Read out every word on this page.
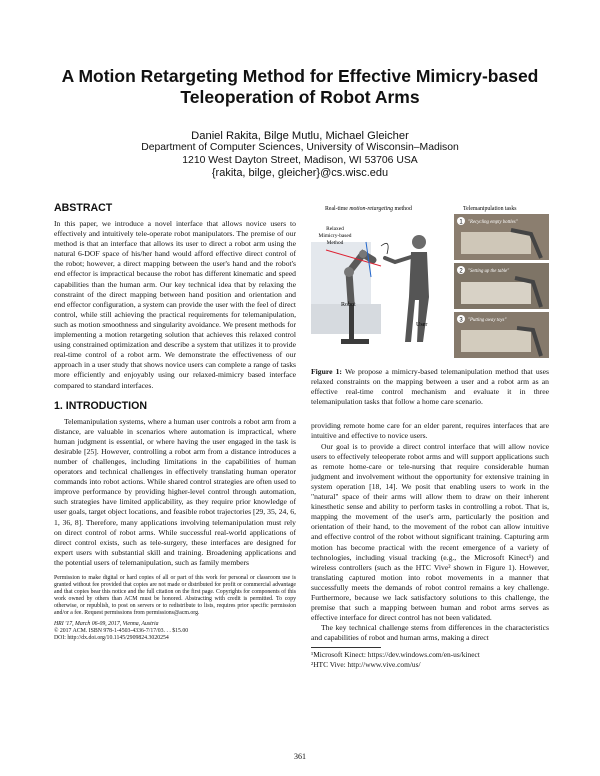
A Motion Retargeting Method for Effective Mimicry-based
Teleoperation of Robot Arms
Daniel Rakita, Bilge Mutlu, Michael Gleicher
Department of Computer Sciences, University of Wisconsin–Madison
1210 West Dayton Street, Madison, WI 53706 USA
{rakita, bilge, gleicher}@cs.wisc.edu
ABSTRACT

In this paper, we introduce a novel interface that allows novice users to effectively and intuitively tele-operate robot manipulators. The premise of our method is that an interface that allows its user to direct a robot arm using the natural 6-DOF space of his/her hand would afford effective direct control of the robot; however, a direct mapping between the user's hand and the robot's end effector is impractical because the robot has different kinematic and speed capabilities than the human arm. Our key technical idea that by relaxing the constraint of the direct mapping between hand position and orientation and end effector configuration, a system can provide the user with the feel of direct control, while still achieving the practical requirements for telemanipulation, such as motion smoothness and singularity avoidance. We present methods for implementing a motion retargeting solution that achieves this relaxed control using constrained optimization and describe a system that utilizes it to provide real-time control of a robot arm. We demonstrate the effectiveness of our approach in a user study that shows novice users can complete a range of tasks more efficiently and enjoyably using our relaxed-mimicry based interface compared to standard interfaces.

1. INTRODUCTION

Telemanipulation systems, where a human user controls a robot arm from a distance, are valuable in scenarios where automation is impractical, where human judgment is essential, or where having the user engaged in the task is desirable [25]. However, controlling a robot arm from a distance introduces a number of challenges, including limitations in the capabilities of human operators and technical challenges in effectively translating human operator commands into robot actions. While shared control strategies are often used to improve performance by providing higher-level control through automation, such strategies have limited applicability, as they require prior knowledge of user goals, target object locations, and feasible robot trajectories [29, 35, 24, 6, 1, 36, 8]. Therefore, many applications involving telemanipulation must rely on direct control of robot arms. While successful real-world applications of direct control exists, such as tele-surgery, these interfaces are designed for expert users with substantial skill and training. Broadening applications and the potential users of telemanipulation, such as family members

Permission to make digital or hard copies of all or part of this work for personal or classroom use is granted without fee provided that copies are not made or distributed for profit or commercial advantage and that copies bear this notice and the full citation on the first page. Copyrights for components of this work owned by others than ACM must be honored. Abstracting with credit is permitted. To copy otherwise, or republish, to post on servers or to redistribute to lists, requires prior specific permission and/or a fee. Request permissions from permissions@acm.org.
HRI '17, March 06-09, 2017, Vienna, Austria
© 2017 ACM. ISBN 978-1-4503-4336-7/17/03. . . $15.00
DOI: http://dx.doi.org/10.1145/2909824.3020254
1
2
3
"Recycling empty bottles"
"Setting up the table"
"Putting away toys"
Real-time motion-retargeting method	Telemanipulation tasks
Relaxed
Mimicry-based
Method
Robot
User
Figure 1: We propose a mimicry-based telemanipulation method that uses relaxed constraints on the mapping between a user and a robot arm as an effective real-time control mechanism and evaluate it in three telemanipulation tasks that follow a home care scenario.

providing remote home care for an elder parent, requires interfaces that are intuitive and effective to novice users.

Our goal is to provide a direct control interface that will allow novice users to effectively teleoperate robot arms and will support applications such as remote home-care or tele-nursing that require considerable human judgment and involvement without the opportunity for extensive training in system operation [18, 14]. We posit that enabling users to work in the "natural" space of their arms will allow them to draw on their inherent kinesthetic sense and ability to perform tasks in controlling a robot. That is, mapping the movement of the user's arm, particularly the position and orientation of their hand, to the movement of the robot can allow intuitive and effective control of the robot without significant training. Capturing arm motion has become practical with the recent emergence of a variety of technologies, including visual tracking (e.g., the Microsoft Kinect¹) and wireless controllers (such as the HTC Vive² shown in Figure 1). However, translating captured motion into robot movements in a manner that successfully meets the demands of robot control remains a key challenge. Furthermore, because we lack satisfactory solutions to this challenge, the premise that such a mapping between human and robot arms serves as effective interface for direct control has not been validated.

The key technical challenge stems from differences in the characteristics and capabilities of robot and human arms, making a direct

¹Microsoft Kinect: https://dev.windows.com/en-us/kinect
²HTC Vive: http://www.vive.com/us/
361
